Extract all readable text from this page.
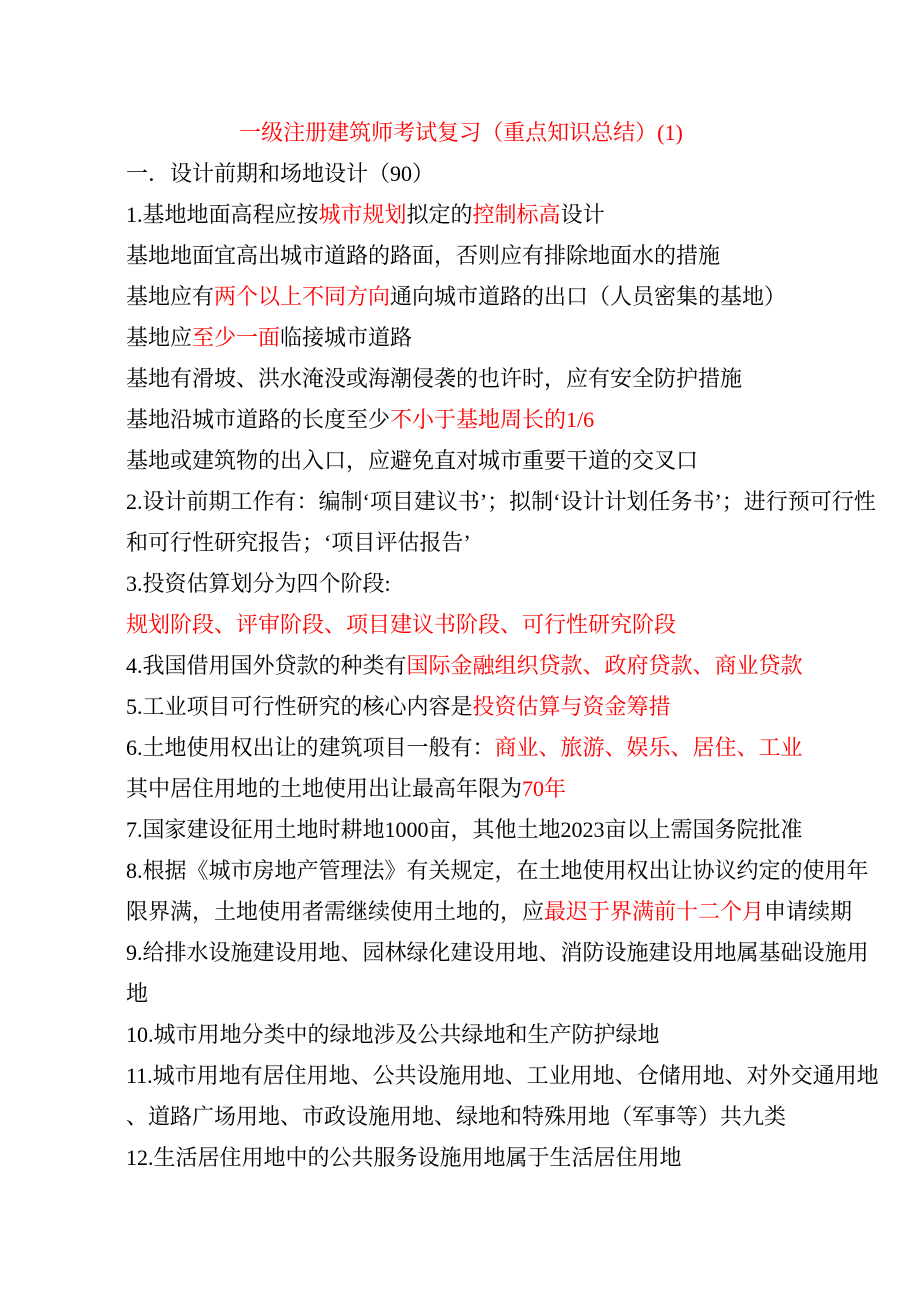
一级注册建筑师考试复习（重点知识总结）(1)
一．设计前期和场地设计（90）
1.基地地面高程应按城市规划拟定的控制标高设计
基地地面宜高出城市道路的路面，否则应有排除地面水的措施
基地应有两个以上不同方向通向城市道路的出口（人员密集的基地）
基地应至少一面临接城市道路
基地有滑坡、洪水淹没或海潮侵袭的也许时，应有安全防护措施
基地沿城市道路的长度至少不小于基地周长的1/6
基地或建筑物的出入口，应避免直对城市重要干道的交叉口
2.设计前期工作有：编制‘项目建议书’；拟制‘设计计划任务书’；进行预可行性
和可行性研究报告；‘项目评估报告’
3.投资估算划分为四个阶段:
规划阶段、评审阶段、项目建议书阶段、可行性研究阶段
4.我国借用国外贷款的种类有国际金融组织贷款、政府贷款、商业贷款
5.工业项目可行性研究的核心内容是投资估算与资金筹措
6.土地使用权出让的建筑项目一般有：商业、旅游、娱乐、居住、工业
其中居住用地的土地使用出让最高年限为70年
7.国家建设征用土地时耕地1000亩，其他土地2023亩以上需国务院批准
8.根据《城市房地产管理法》有关规定，在土地使用权出让协议约定的使用年
限界满，土地使用者需继续使用土地的，应最迟于界满前十二个月申请续期
9.给排水设施建设用地、园林绿化建设用地、消防设施建设用地属基础设施用
地
10.城市用地分类中的绿地涉及公共绿地和生产防护绿地
11.城市用地有居住用地、公共设施用地、工业用地、仓储用地、对外交通用地
、道路广场用地、市政设施用地、绿地和特殊用地（军事等）共九类
12.生活居住用地中的公共服务设施用地属于生活居住用地
